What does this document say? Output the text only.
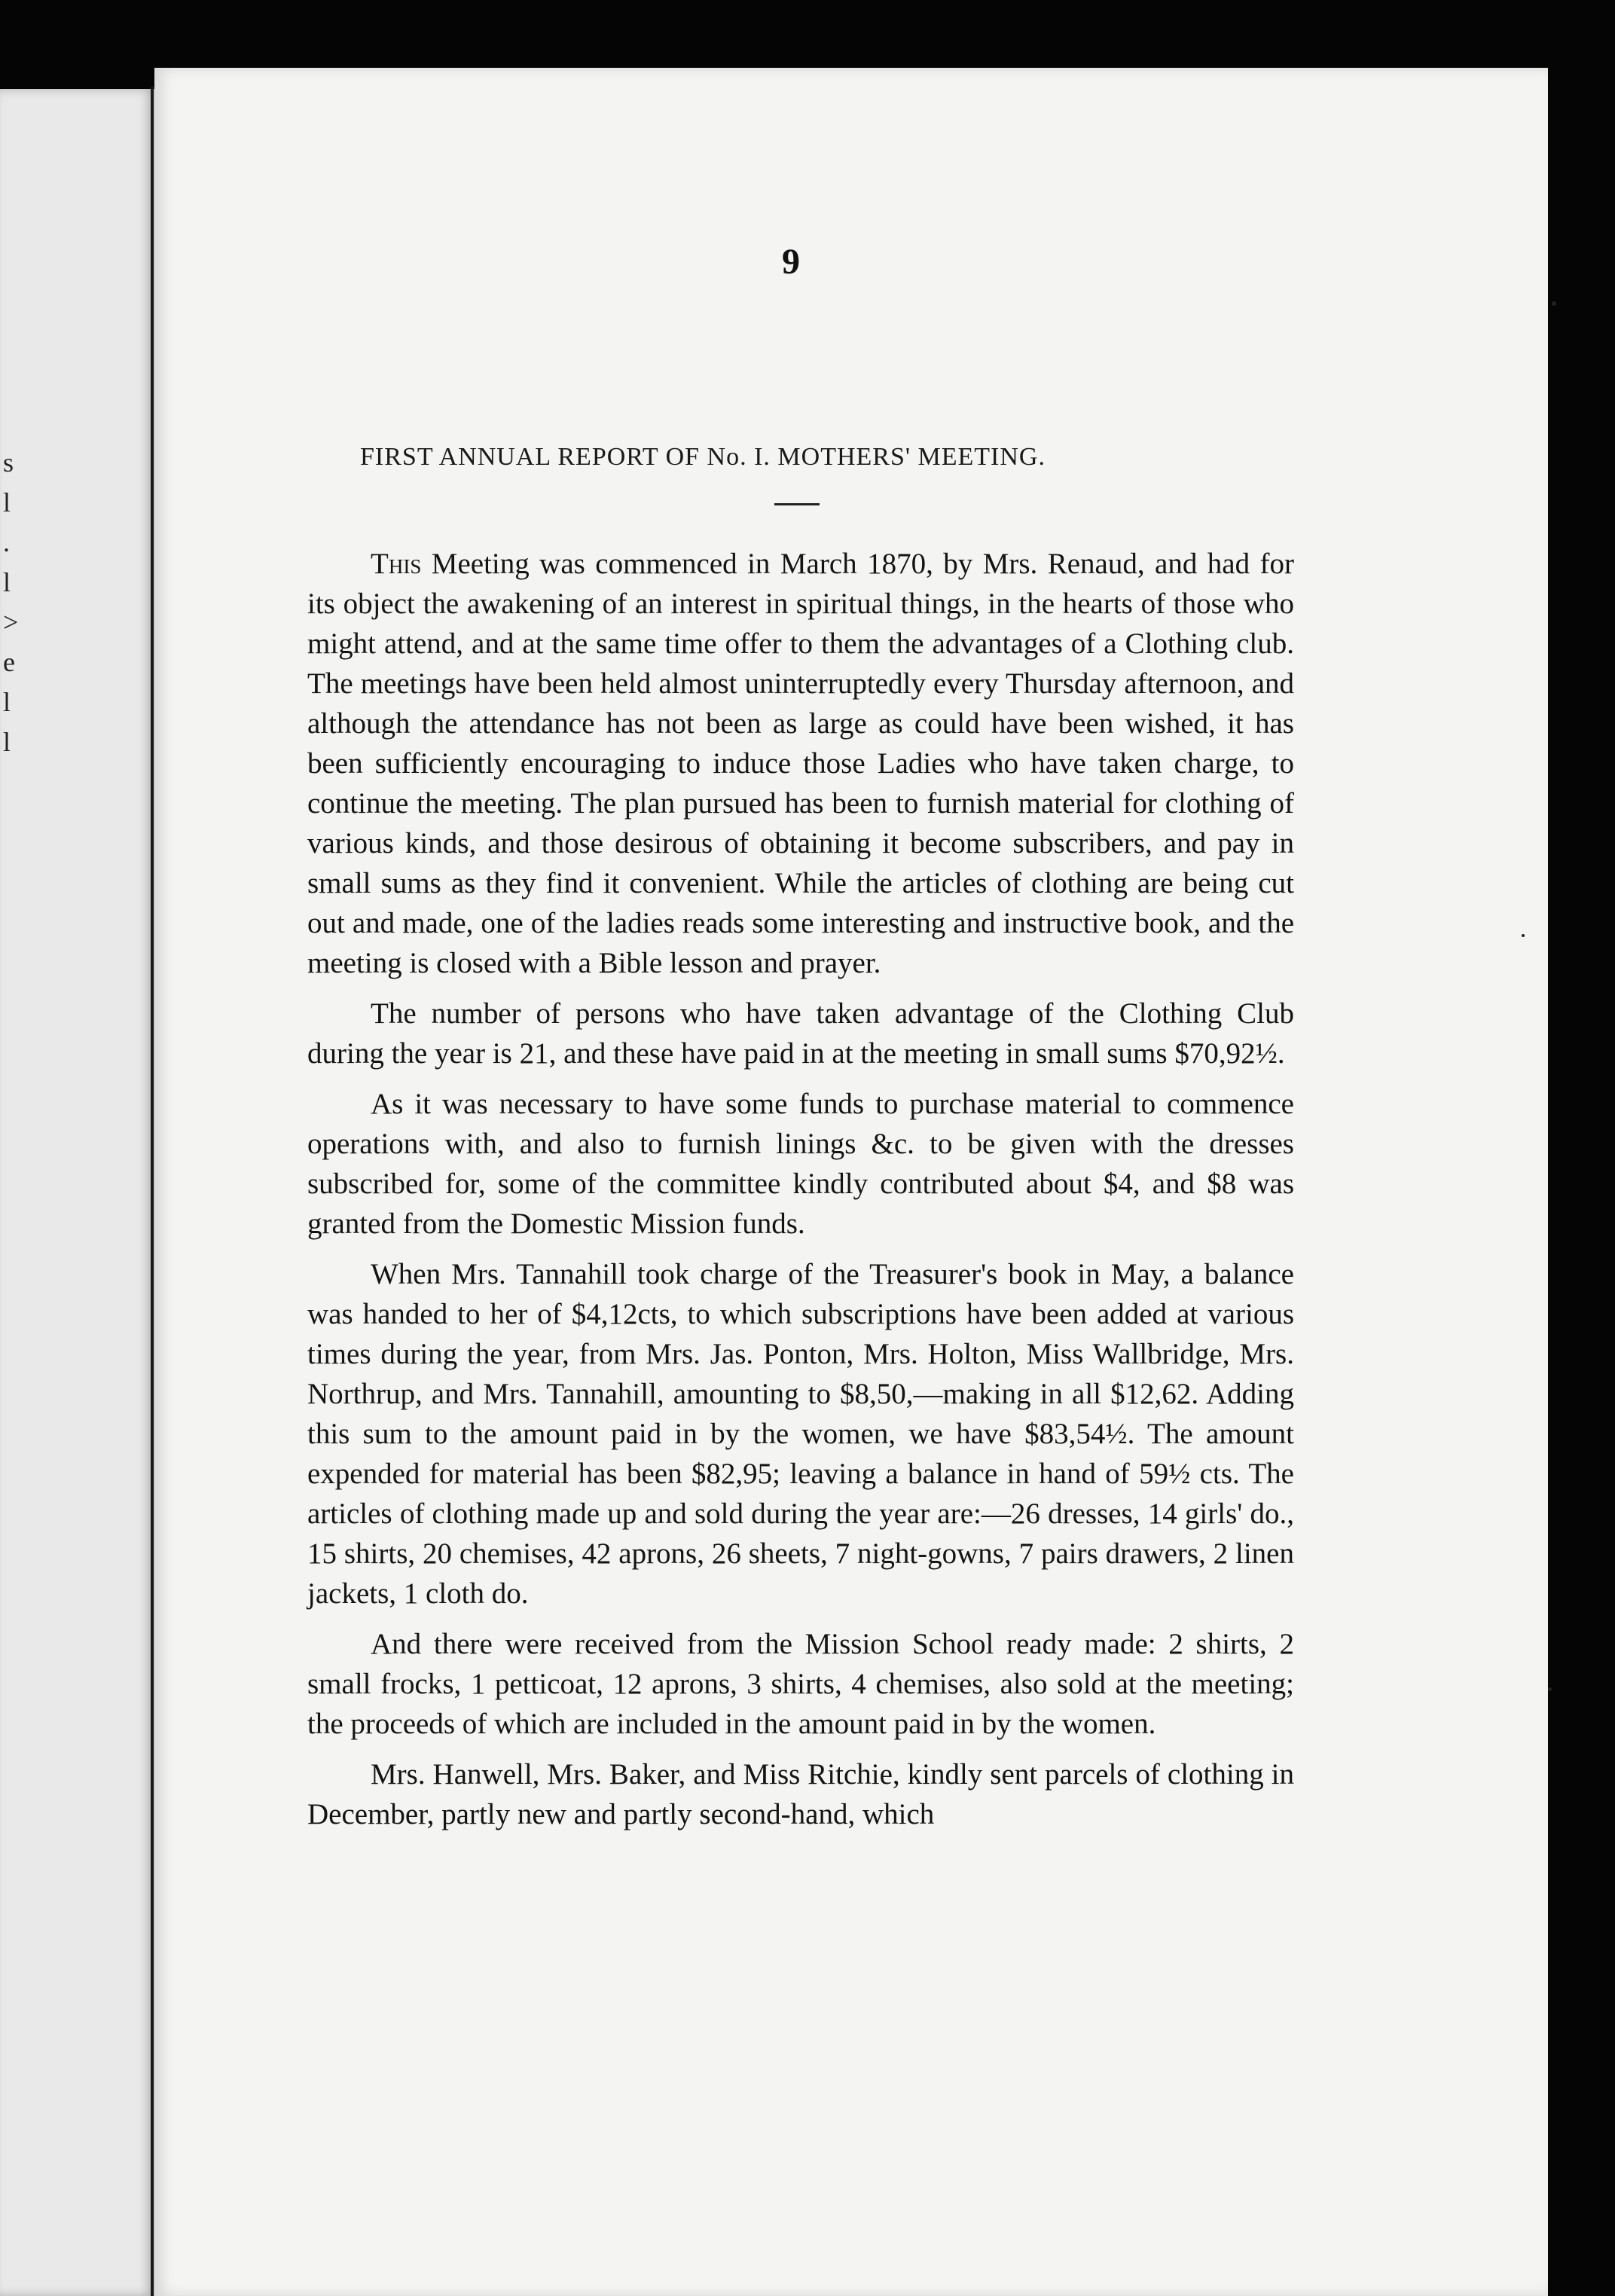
s
l
.
l
>
e
l
l
9
FIRST ANNUAL REPORT OF No. I. MOTHERS' MEETING.

This Meeting was commenced in March 1870, by Mrs. Renaud, and had for its object the awakening of an interest in spiritual things, in the hearts of those who might attend, and at the same time offer to them the advantages of a Clothing club. The meetings have been held almost uninterruptedly every Thursday afternoon, and although the attendance has not been as large as could have been wished, it has been sufficiently encouraging to induce those Ladies who have taken charge, to continue the meeting. The plan pursued has been to furnish material for clothing of various kinds, and those desirous of obtaining it become subscribers, and pay in small sums as they find it convenient. While the articles of clothing are being cut out and made, one of the ladies reads some interesting and instructive book, and the meeting is closed with a Bible lesson and prayer.

The number of persons who have taken advantage of the Clothing Club during the year is 21, and these have paid in at the meeting in small sums $70,92½.

As it was necessary to have some funds to purchase material to commence operations with, and also to furnish linings &c. to be given with the dresses subscribed for, some of the committee kindly contributed about $4, and $8 was granted from the Domestic Mission funds.

When Mrs. Tannahill took charge of the Treasurer's book in May, a balance was handed to her of $4,12cts, to which subscriptions have been added at various times during the year, from Mrs. Jas. Ponton, Mrs. Holton, Miss Wallbridge, Mrs. Northrup, and Mrs. Tannahill, amounting to $8,50,—making in all $12,62. Adding this sum to the amount paid in by the women, we have $83,54½. The amount expended for material has been $82,95; leaving a balance in hand of 59½ cts. The articles of clothing made up and sold during the year are:—26 dresses, 14 girls' do., 15 shirts, 20 chemises, 42 aprons, 26 sheets, 7 night-gowns, 7 pairs drawers, 2 linen jackets, 1 cloth do.

And there were received from the Mission School ready made: 2 shirts, 2 small frocks, 1 petticoat, 12 aprons, 3 shirts, 4 chemises, also sold at the meeting; the proceeds of which are included in the amount paid in by the women.

Mrs. Hanwell, Mrs. Baker, and Miss Ritchie, kindly sent parcels of clothing in December, partly new and partly second-hand, which
